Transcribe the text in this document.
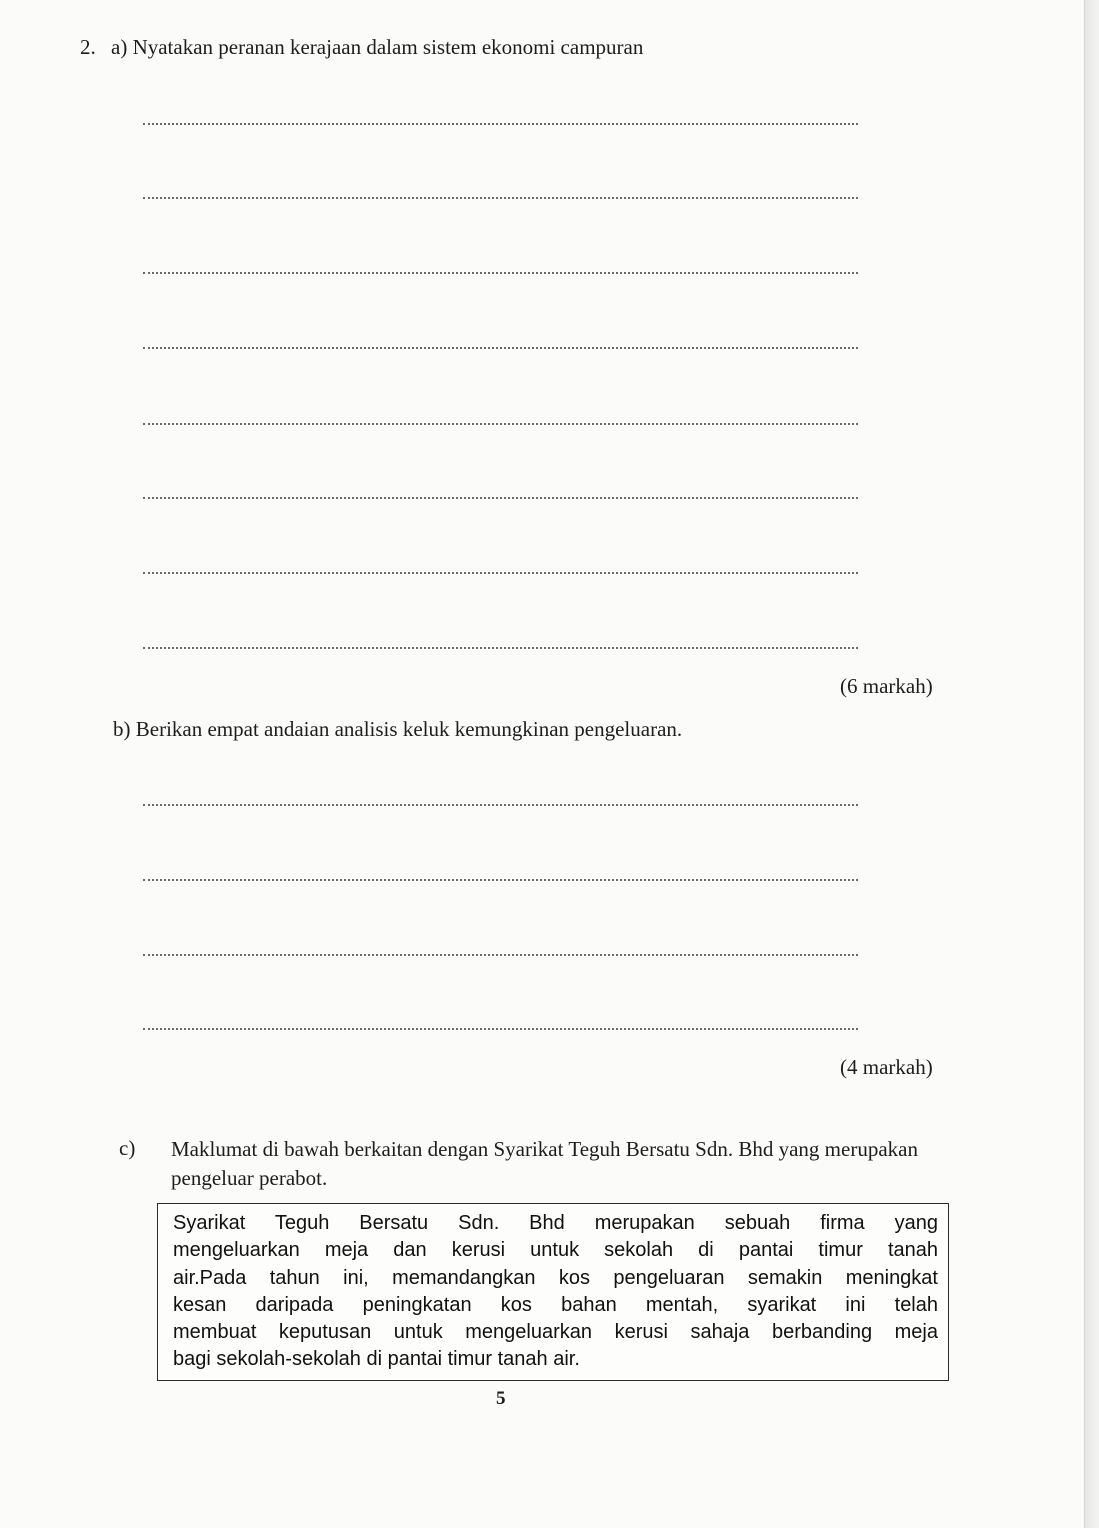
2. a) Nyatakan peranan kerajaan dalam sistem ekonomi campuran
(6 markah)
b) Berikan empat andaian analisis keluk kemungkinan pengeluaran.
(4 markah)
c) Maklumat di bawah berkaitan dengan Syarikat Teguh Bersatu Sdn. Bhd yang merupakan
pengeluar perabot.
Syarikat Teguh Bersatu Sdn. Bhd merupakan sebuah firma yang
mengeluarkan meja dan kerusi untuk sekolah di pantai timur tanah
air.Pada tahun ini, memandangkan kos pengeluaran semakin meningkat
kesan daripada peningkatan kos bahan mentah, syarikat ini telah
membuat keputusan untuk mengeluarkan kerusi sahaja berbanding meja
bagi sekolah-sekolah di pantai timur tanah air.
5
